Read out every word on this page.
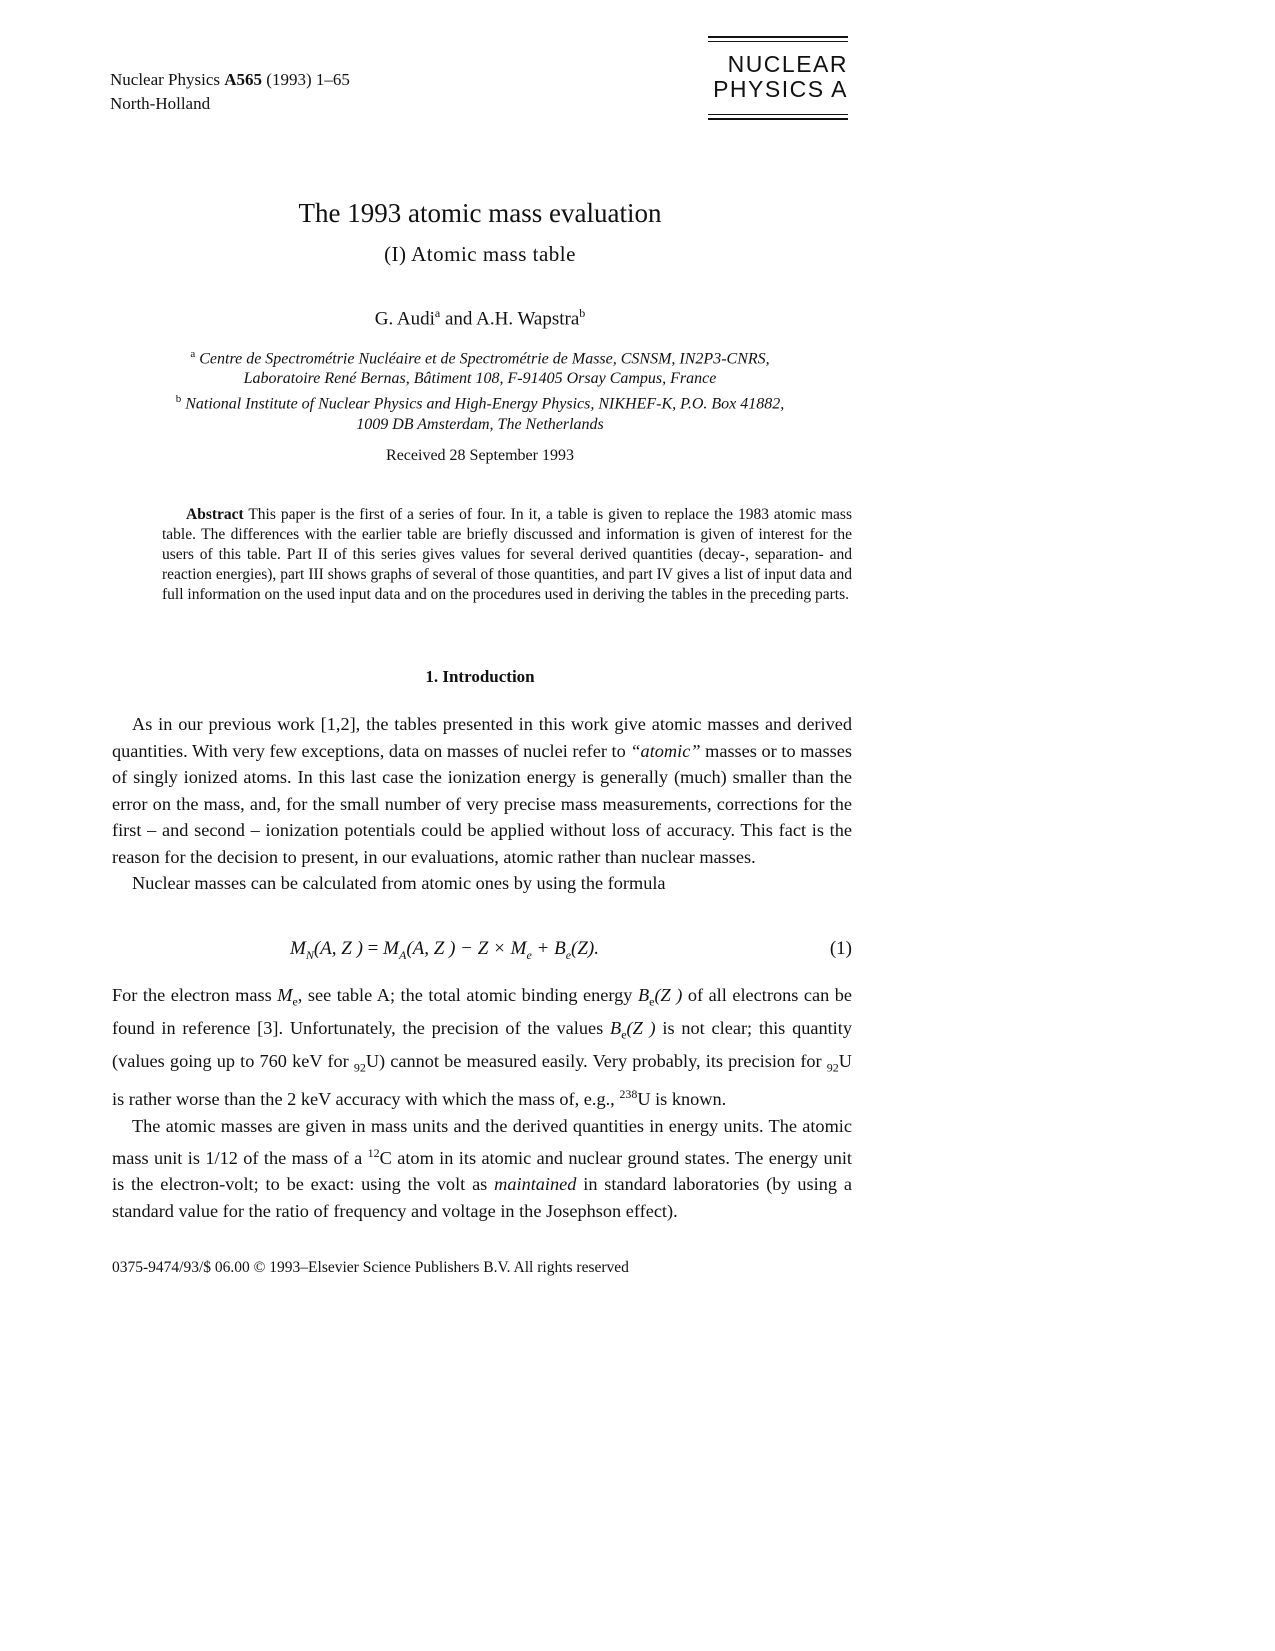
Nuclear Physics A565 (1993) 1–65
North-Holland
NUCLEAR
PHYSICS A
The 1993 atomic mass evaluation
(I) Atomic mass table
G. Audi$^a$ and A.H. Wapstra$^b$
$^a$ Centre de Spectrométrie Nucléaire et de Spectrométrie de Masse, CSNSM, IN2P3-CNRS,
Laboratoire René Bernas, Bâtiment 108, F-91405 Orsay Campus, France
$^b$ National Institute of Nuclear Physics and High-Energy Physics, NIKHEF-K, P.O. Box 41882,
1009 DB Amsterdam, The Netherlands
Received 28 September 1993
Abstract This paper is the first of a series of four. In it, a table is given to replace the 1983 atomic mass table. The differences with the earlier table are briefly discussed and information is given of interest for the users of this table. Part II of this series gives values for several derived quantities (decay-, separation- and reaction energies), part III shows graphs of several of those quantities, and part IV gives a list of input data and full information on the used input data and on the procedures used in deriving the tables in the preceding parts.
1. Introduction

As in our previous work [1,2], the tables presented in this work give atomic masses and derived quantities. With very few exceptions, data on masses of nuclei refer to “atomic” masses or to masses of singly ionized atoms. In this last case the ionization energy is generally (much) smaller than the error on the mass, and, for the small number of very precise mass measurements, corrections for the first – and second – ionization potentials could be applied without loss of accuracy. This fact is the reason for the decision to present, in our evaluations, atomic rather than nuclear masses.

Nuclear masses can be calculated from atomic ones by using the formula

$M_N(A$, Z ) = $M_A(A$, Z ) − $Z \times M_e + B_e(Z)$.	(1)

For the electron mass $M_e$, see table A; the total atomic binding energy $B_e(Z$ ) of all electrons can be found in reference [3]. Unfortunately, the precision of the values $B_e(Z$ ) is not clear; this quantity (values going up to 760 keV for $_{92}$U) cannot be measured easily. Very probably, its precision for $_{92}$U is rather worse than the 2 keV accuracy with which the mass of, e.g., $^{238}$U is known.

The atomic masses are given in mass units and the derived quantities in energy units. The atomic mass unit is 1/12 of the mass of a $^{12}$C atom in its atomic and nuclear ground states. The energy unit is the electron-volt; to be exact: using the volt as maintained in standard laboratories (by using a standard value for the ratio of frequency and voltage in the Josephson effect).

0375-9474/93/$ 06.00 © 1993–Elsevier Science Publishers B.V. All rights reserved
